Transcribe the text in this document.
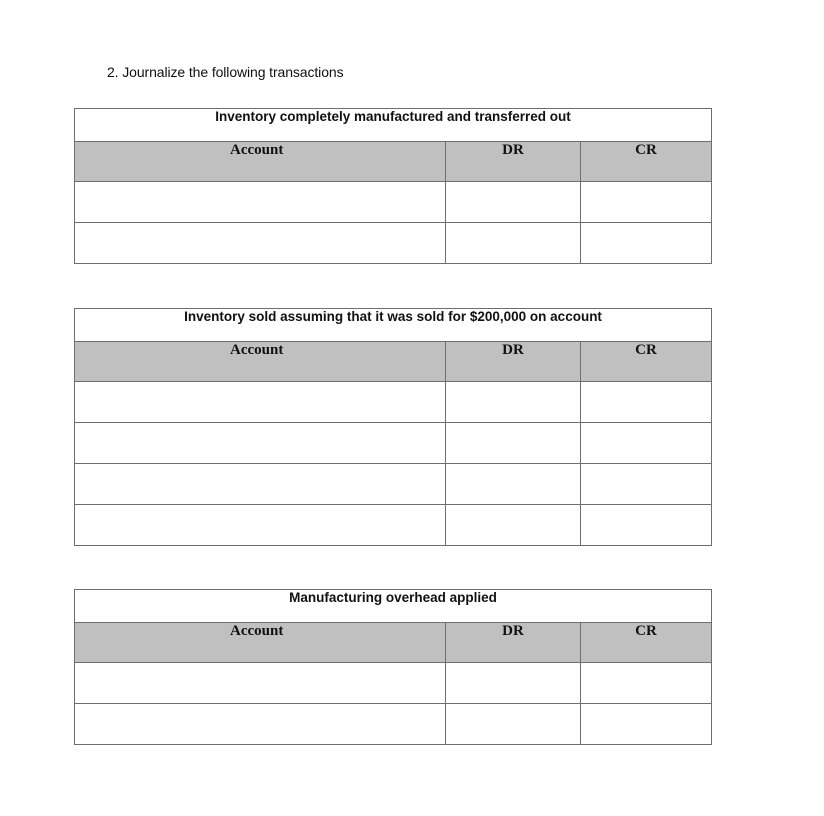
2. Journalize the following transactions
Inventory completely manufactured and transferred out		
Account	DR	CR

Inventory sold assuming that it was sold for $200,000 on account		
Account	DR	CR

Manufacturing overhead applied		
Account	DR	CR
